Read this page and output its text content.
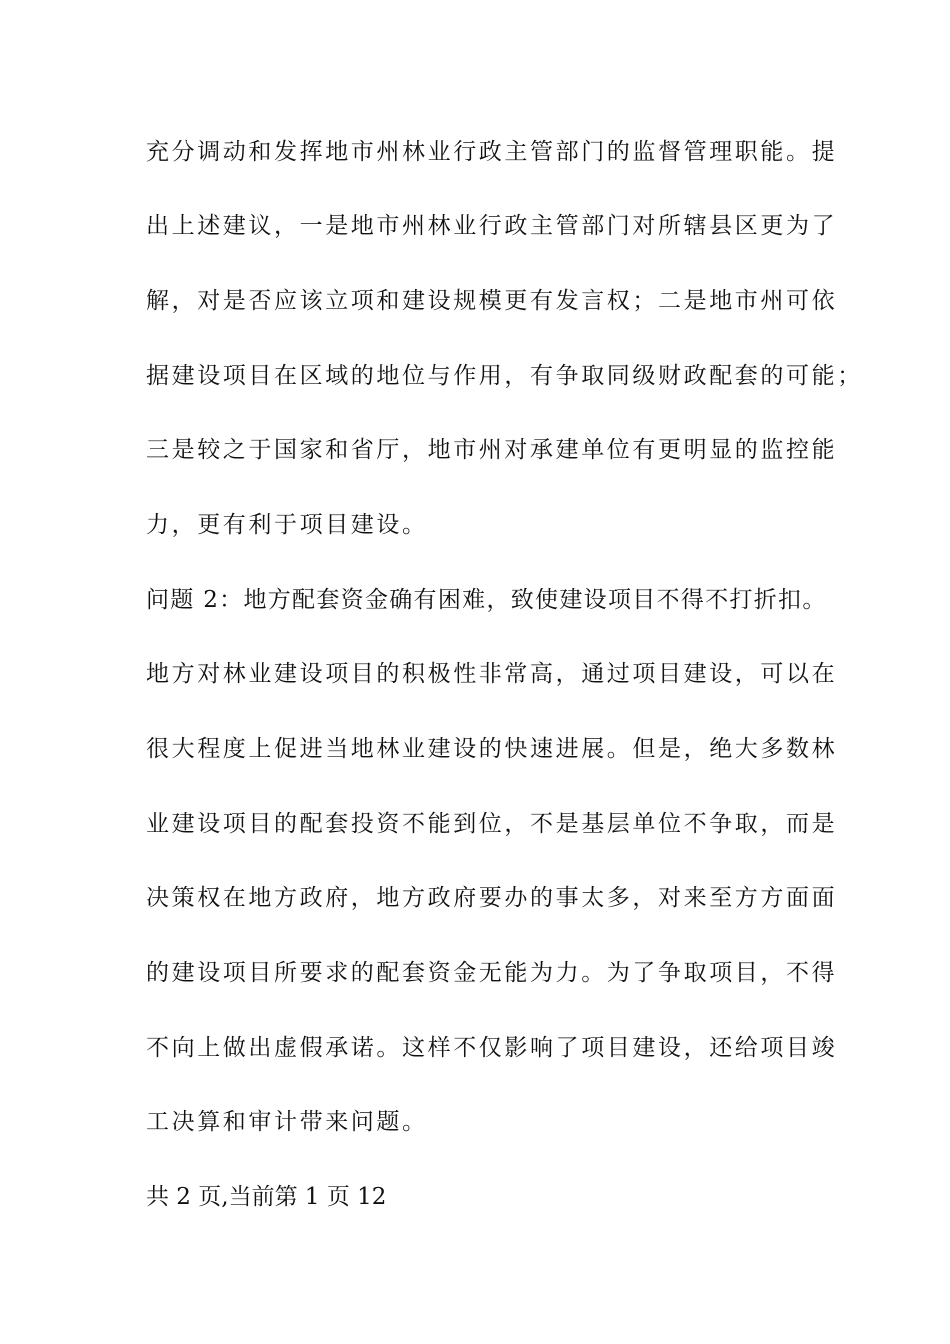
充分调动和发挥地市州林业行政主管部门的监督管理职能。提
出上述建议，一是地市州林业行政主管部门对所辖县区更为了
解，对是否应该立项和建设规模更有发言权；二是地市州可依
据建设项目在区域的地位与作用，有争取同级财政配套的可能；
三是较之于国家和省厅，地市州对承建单位有更明显的监控能
力，更有利于项目建设。
问题 2：地方配套资金确有困难，致使建设项目不得不打折扣。
地方对林业建设项目的积极性非常高，通过项目建设，可以在
很大程度上促进当地林业建设的快速进展。但是，绝大多数林
业建设项目的配套投资不能到位，不是基层单位不争取，而是
决策权在地方政府，地方政府要办的事太多，对来至方方面面
的建设项目所要求的配套资金无能为力。为了争取项目，不得
不向上做出虚假承诺。这样不仅影响了项目建设，还给项目竣
工决算和审计带来问题。
共 2 页,当前第 1 页 12
